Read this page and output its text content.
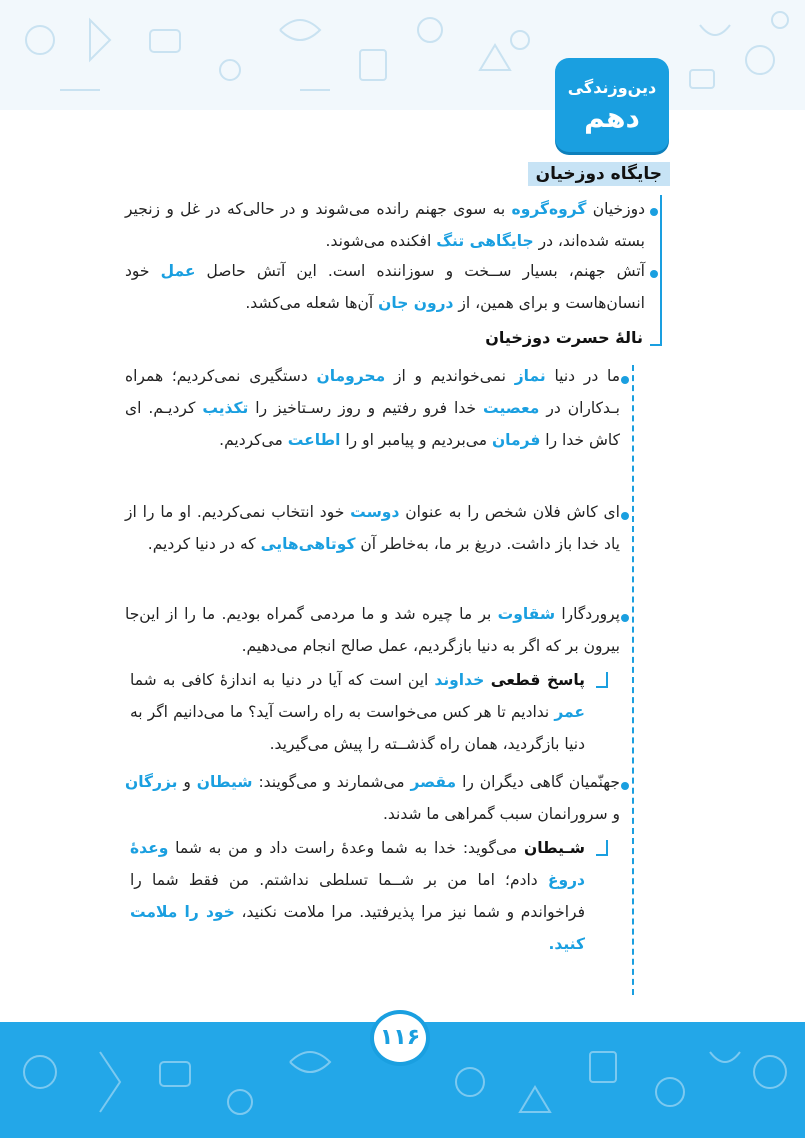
دین‌وزندگی
دهم
جایگاه دوزخیان
دوزخیان گروه‌گروه به سوی جهنم رانده می‌شوند و در حالی‌که در غل و زنجیر بسته شده‌اند، در جایگاهی تنگ افکنده می‌شوند.
آتش جهنم، بسیار ســخت و سوزاننده است. این آتش حاصل عمل خود انسان‌هاست و برای همین، از درون جان آن‌ها شعله می‌کشد.
نالۀ حسرت دوزخیان
ما در دنیا نماز نمی‌خواندیم و از محرومان دستگیری نمی‌کردیم؛ همراه بـدکاران در معصیت خدا فرو رفتیم و روز رسـتاخیز را تکذیب کردیـم. ای کاش خدا را فرمان می‌بردیم و پیامبر او را اطاعت می‌کردیم.
ای کاش فلان شخص را به عنوان دوست خود انتخاب نمی‌کردیم. او ما را از یاد خدا باز داشت. دریغ بر ما، به‌خاطر آن کوتاهی‌هایی که در دنیا کردیم.
پروردگارا شقاوت بر ما چیره شد و ما مردمی گمراه بودیم. ما را از این‌جا بیرون بر که اگر به دنیا بازگردیم، عمل صالح انجام می‌دهیم.
پاسخ قطعی خداوند این است که آیا در دنیا به اندازۀ کافی به شما عمر ندادیم تا هر کس می‌خواست به راه راست آید؟ ما می‌دانیم اگر به دنیا بازگردید، همان راه گذشــته را پیش می‌گیرید.
جهنّمیان گاهی دیگران را مقصر می‌شمارند و می‌گویند: شیطان و بزرگان و سرورانمان سبب گمراهی ما شدند.
شـیطان می‌گوید: خدا به شما وعدۀ راست داد و من به شما وعدۀ دروغ دادم؛ اما من بر شــما تسلطی نداشتم. من فقط شما را فراخواندم و شما نیز مرا پذیرفتید. مرا ملامت نکنید، خود را ملامت کنید.
۱۱۶
